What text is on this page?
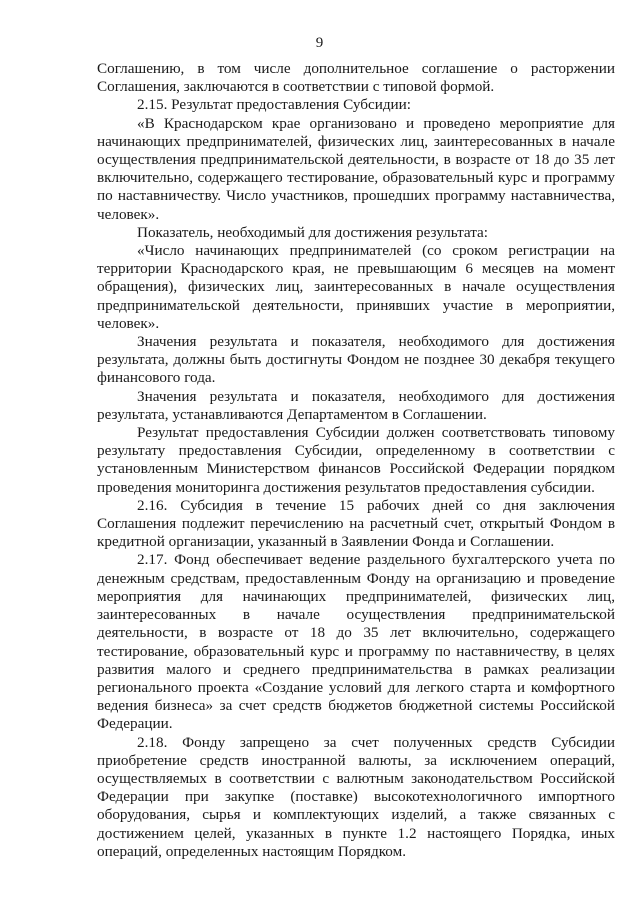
9

Соглашению, в том числе дополнительное соглашение о расторжении Соглашения, заключаются в соответствии с типовой формой.

2.15. Результат предоставления Субсидии:

«В Краснодарском крае организовано и проведено мероприятие для начинающих предпринимателей, физических лиц, заинтересованных в начале осуществления предпринимательской деятельности, в возрасте от 18 до 35 лет включительно, содержащего тестирование, образовательный курс и программу по наставничеству. Число участников, прошедших программу наставничества, человек».

Показатель, необходимый для достижения результата:

«Число начинающих предпринимателей (со сроком регистрации на территории Краснодарского края, не превышающим 6 месяцев на момент обращения), физических лиц, заинтересованных в начале осуществления предпринимательской деятельности, принявших участие в мероприятии, человек».

Значения результата и показателя, необходимого для достижения результата, должны быть достигнуты Фондом не позднее 30 декабря текущего финансового года.

Значения результата и показателя, необходимого для достижения результата, устанавливаются Департаментом в Соглашении.

Результат предоставления Субсидии должен соответствовать типовому результату предоставления Субсидии, определенному в соответствии с установленным Министерством финансов Российской Федерации порядком проведения мониторинга достижения результатов предоставления субсидии.

2.16. Субсидия в течение 15 рабочих дней со дня заключения Соглашения подлежит перечислению на расчетный счет, открытый Фондом в кредитной организации, указанный в Заявлении Фонда и Соглашении.

2.17. Фонд обеспечивает ведение раздельного бухгалтерского учета по денежным средствам, предоставленным Фонду на организацию и проведение мероприятия для начинающих предпринимателей, физических лиц, заинтересованных в начале осуществления предпринимательской деятельности, в возрасте от 18 до 35 лет включительно, содержащего тестирование, образовательный курс и программу по наставничеству, в целях развития малого и среднего предпринимательства в рамках реализации регионального проекта «Создание условий для легкого старта и комфортного ведения бизнеса» за счет средств бюджетов бюджетной системы Российской Федерации.

2.18. Фонду запрещено за счет полученных средств Субсидии приобретение средств иностранной валюты, за исключением операций, осуществляемых в соответствии с валютным законодательством Российской Федерации при закупке (поставке) высокотехнологичного импортного оборудования, сырья и комплектующих изделий, а также связанных с достижением целей, указанных в пункте 1.2 настоящего Порядка, иных операций, определенных настоящим Порядком.
